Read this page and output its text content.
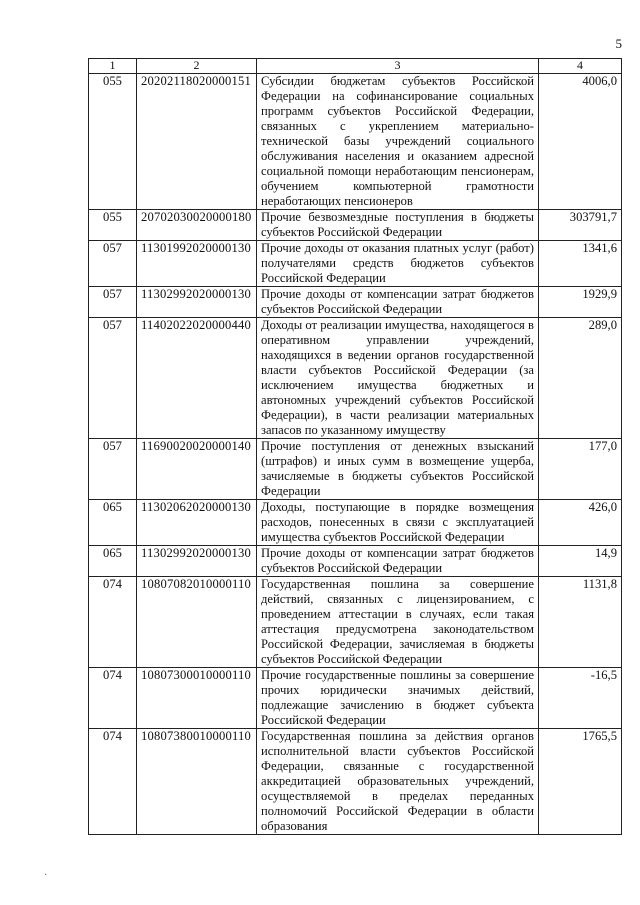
5
1	2	3	4
055	20202118020000151	Субсидии бюджетам субъектов Российской Федерации на софинансирование социальных программ субъектов Российской Федерации, связанных с укреплением материально-технической базы учреждений социального обслуживания населения и оказанием адресной социальной помощи неработающим пенсионерам, обучением компьютерной грамотности неработающих пенсионеров	4006,0
055	20702030020000180	Прочие безвозмездные поступления в бюджеты субъектов Российской Федерации	303791,7
057	11301992020000130	Прочие доходы от оказания платных услуг (работ) получателями средств бюджетов субъектов Российской Федерации	1341,6
057	11302992020000130	Прочие доходы от компенсации затрат бюджетов субъектов Российской Федерации	1929,9
057	11402022020000440	Доходы от реализации имущества, находящегося в оперативном управлении учреждений, находящихся в ведении органов государственной власти субъектов Российской Федерации (за исключением имущества бюджетных и автономных учреждений субъектов Российской Федерации), в части реализации материальных запасов по указанному имуществу	289,0
057	11690020020000140	Прочие поступления от денежных взысканий (штрафов) и иных сумм в возмещение ущерба, зачисляемые в бюджеты субъектов Российской Федерации	177,0
065	11302062020000130	Доходы, поступающие в порядке возмещения расходов, понесенных в связи с эксплуатацией имущества субъектов Российской Федерации	426,0
065	11302992020000130	Прочие доходы от компенсации затрат бюджетов субъектов Российской Федерации	14,9
074	10807082010000110	Государственная пошлина за совершение действий, связанных с лицензированием, с проведением аттестации в случаях, если такая аттестация предусмотрена законодательством Российской Федерации, зачисляемая в бюджеты субъектов Российской Федерации	1131,8
074	10807300010000110	Прочие государственные пошлины за совершение прочих юридически значимых действий, подлежащие зачислению в бюджет субъекта Российской Федерации	-16,5
074	10807380010000110	Государственная пошлина за действия органов исполнительной власти субъектов Российской Федерации, связанные с государственной аккредитацией образовательных учреждений, осуществляемой в пределах переданных полномочий Российской Федерации в области образования	1765,5
·
